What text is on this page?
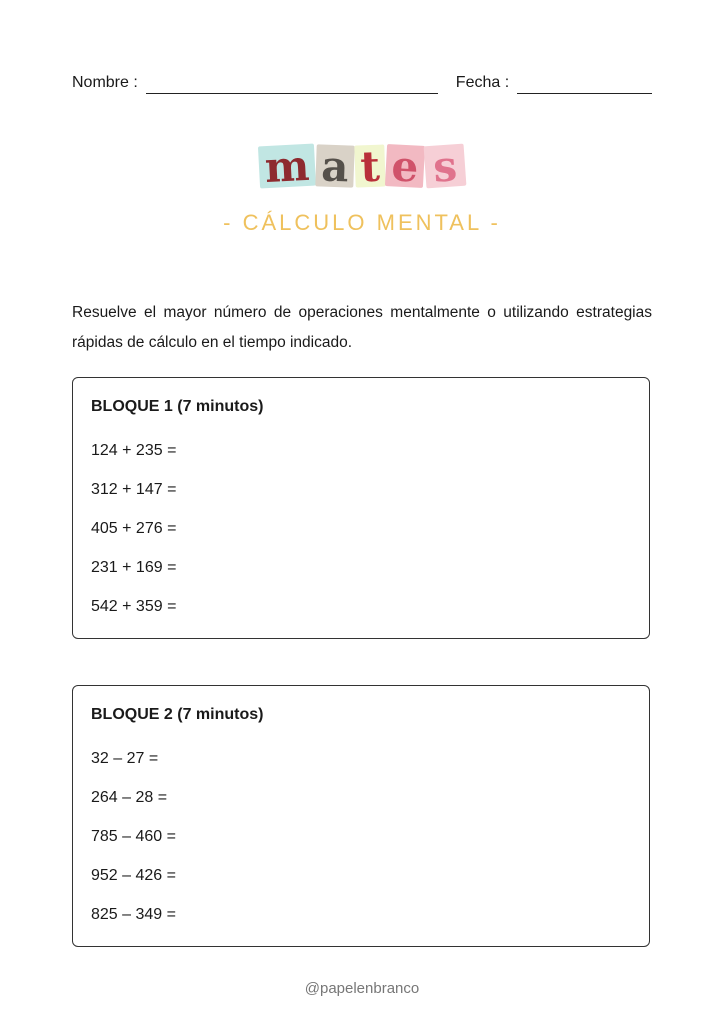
Nombre :	Fecha :
m a t e s
- CÁLCULO MENTAL -

Resuelve el mayor número de operaciones mentalmente o utilizando estrategias rápidas de cálculo en el tiempo indicado.

BLOQUE 1 (7 minutos)
124 + 235 =
312 + 147 =
405 + 276 =
231 + 169 =
542 + 359 =
BLOQUE 2 (7 minutos)
32 – 27 =
264 – 28 =
785 – 460 =
952 – 426 =
825 – 349 =
@papelenbranco
